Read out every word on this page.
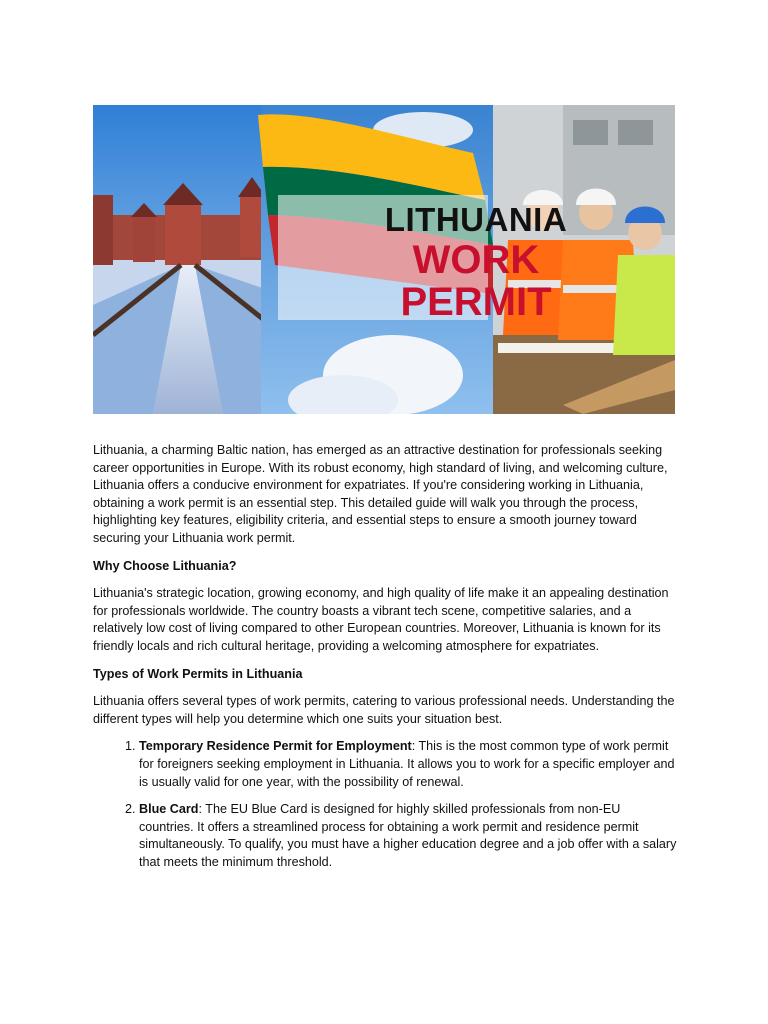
LITHUANIA
WORK
PERMIT

Lithuania, a charming Baltic nation, has emerged as an attractive destination for professionals seeking career opportunities in Europe. With its robust economy, high standard of living, and welcoming culture, Lithuania offers a conducive environment for expatriates. If you're considering working in Lithuania, obtaining a work permit is an essential step. This detailed guide will walk you through the process, highlighting key features, eligibility criteria, and essential steps to ensure a smooth journey toward securing your Lithuania work permit.

Why Choose Lithuania?

Lithuania's strategic location, growing economy, and high quality of life make it an appealing destination for professionals worldwide. The country boasts a vibrant tech scene, competitive salaries, and a relatively low cost of living compared to other European countries. Moreover, Lithuania is known for its friendly locals and rich cultural heritage, providing a welcoming atmosphere for expatriates.

Types of Work Permits in Lithuania

Lithuania offers several types of work permits, catering to various professional needs. Understanding the different types will help you determine which one suits your situation best.

1. Temporary Residence Permit for Employment: This is the most common type of work permit for foreigners seeking employment in Lithuania. It allows you to work for a specific employer and is usually valid for one year, with the possibility of renewal.
2. Blue Card: The EU Blue Card is designed for highly skilled professionals from non-EU countries. It offers a streamlined process for obtaining a work permit and residence permit simultaneously. To qualify, you must have a higher education degree and a job offer with a salary that meets the minimum threshold.
